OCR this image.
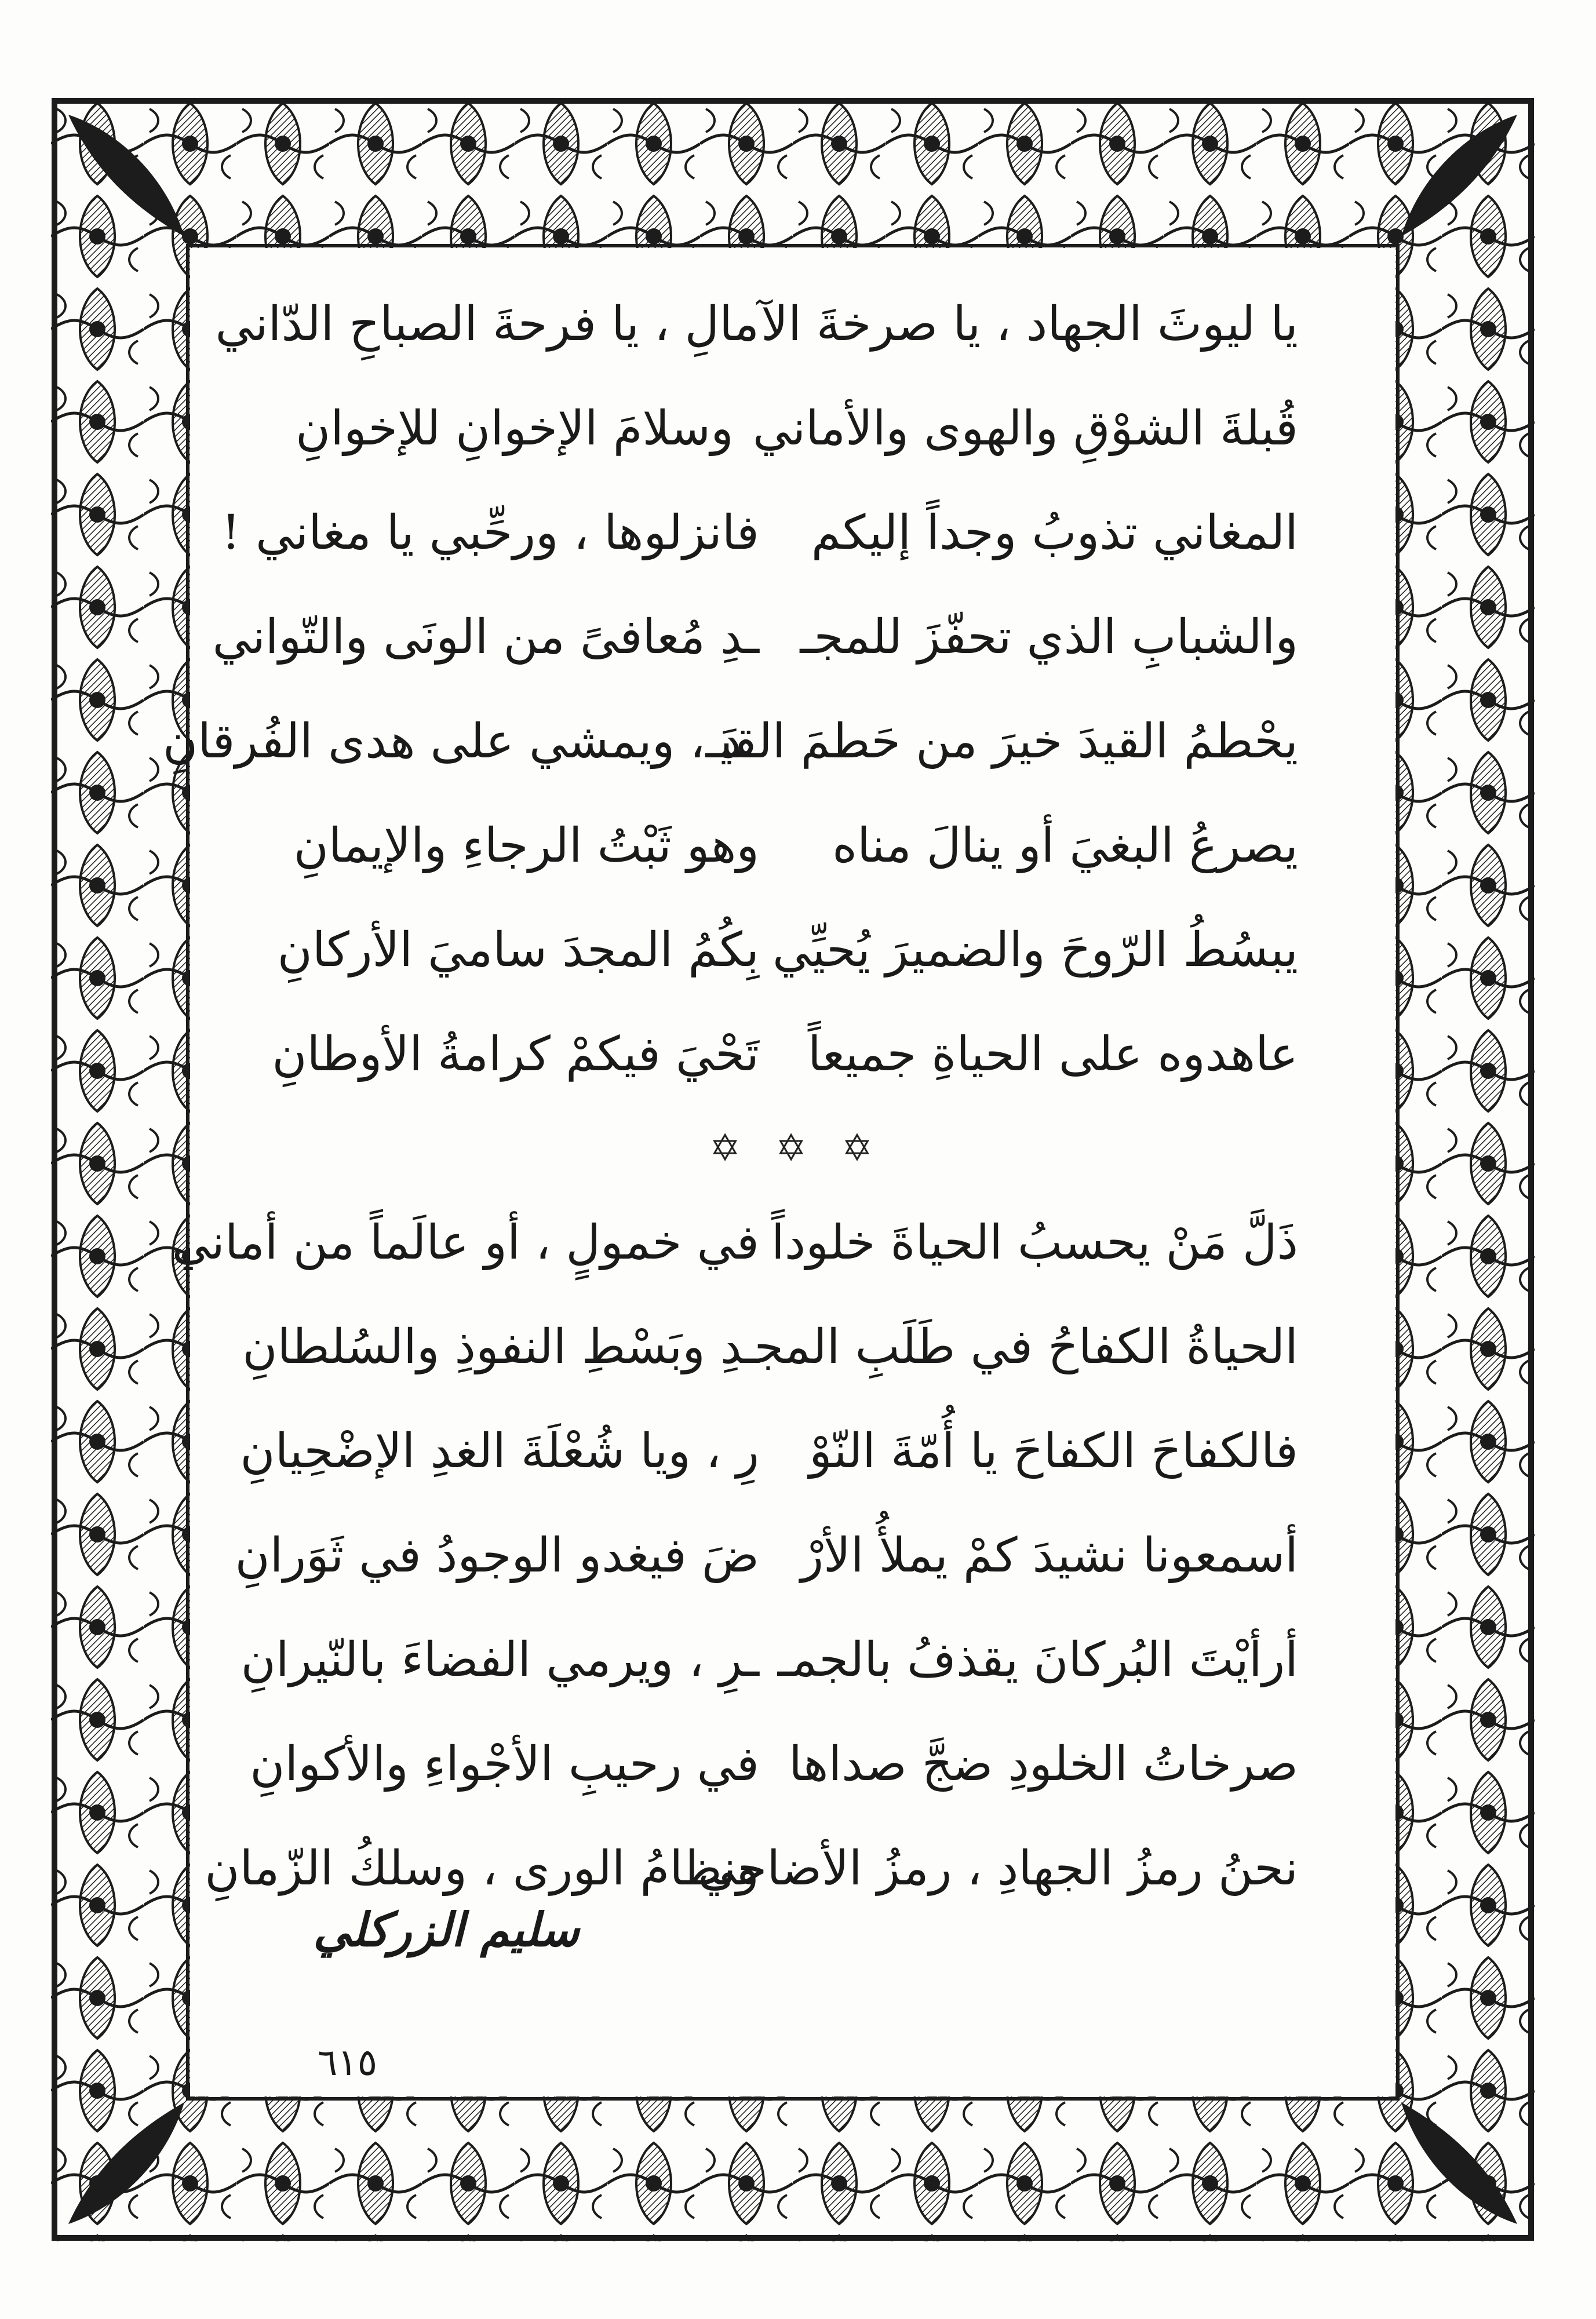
يا ليوثَ الجهاد ، يا صرخةَ الآ
مالِ ، يا فرحةَ الصباحِ الدّاني
قُبلةَ الشوْقِ والهوى والأماني
وسلامَ الإخوانِ للإخوانِ
المغاني تذوبُ وجداً إليكم
فانزلوها ، ورحِّبي يا مغاني !
والشبابِ الذي تحفّزَ للمجـ
ـدِ مُعافىً من الونَى والتّواني
يحْطمُ القيدَ خيرَ من حَطمَ القيـ
ـدَ ، ويمشي على هدى الفُرقانِ
يصرعُ البغيَ أو ينالَ مناه
وهو ثَبْتُ الرجاءِ والإيمانِ
يبسُطُ الرّوحَ والضميرَ يُحيِّي
بِكُمُ المجدَ ساميَ الأركانِ
عاهدوه على الحياةِ جميعاً
تَحْيَ فيكمْ كرامةُ الأوطانِ
✡ ✡ ✡
ذَلَّ مَنْ يحسبُ الحياةَ خلوداً
في خمولٍ ، أو عالَماً من أماني
الحياةُ الكفاحُ في طَلَبِ المجـ
ـدِ وبَسْطِ النفوذِ والسُلطانِ
فالكفاحَ الكفاحَ يا أُمّةَ النّوْ
رِ ، ويا شُعْلَةَ الغدِ الإضْحِيانِ
أسمعونا نشيدَ كمْ يملأُ الأرْ
ضَ فيغدو الوجودُ في ثَوَرانِ
أرأيْتَ البُركانَ يقذفُ بالجمـ
ـرِ ، ويرمي الفضاءَ بالنّيرانِ
صرخاتُ الخلودِ ضجَّ صداها
في رحيبِ الأجْواءِ والأكوانِ
نحنُ رمزُ الجهادِ ، رمزُ الأضاحي
ونظامُ الورى ، وسلكُ الزّمانِ
سليم الزركلي
٦١٥
